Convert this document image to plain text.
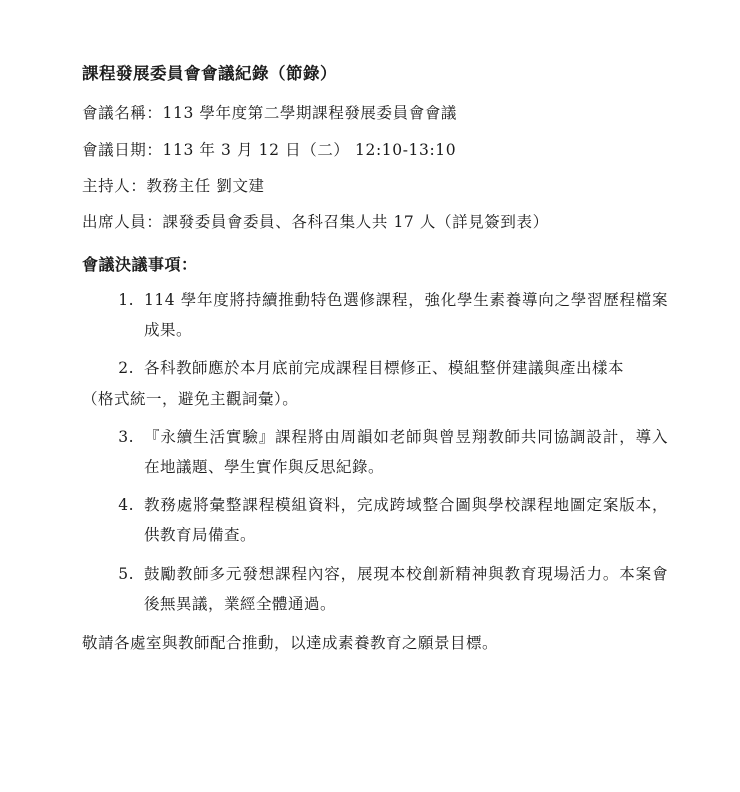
課程發展委員會會議紀錄（節錄）

會議名稱：113 學年度第二學期課程發展委員會會議

會議日期：113 年 3 月 12 日（二） 12:10-13:10

主持人：教務主任 劉文建

出席人員：課發委員會委員、各科召集人共 17 人（詳見簽到表）

會議決議事項：
114 學年度將持續推動特色選修課程，強化學生素養導向之學習歷程檔案成果。
各科教師應於本月底前完成課程目標修正、模組整併建議與產出樣本
（格式統一，避免主觀詞彙）。
『永續生活實驗』課程將由周韻如老師與曾昱翔教師共同協調設計，導入在地議題、學生實作與反思紀錄。
教務處將彙整課程模組資料，完成跨域整合圖與學校課程地圖定案版本，供教育局備查。
鼓勵教師多元發想課程內容，展現本校創新精神與教育現場活力。本案會後無異議，業經全體通過。

敬請各處室與教師配合推動，以達成素養教育之願景目標。
